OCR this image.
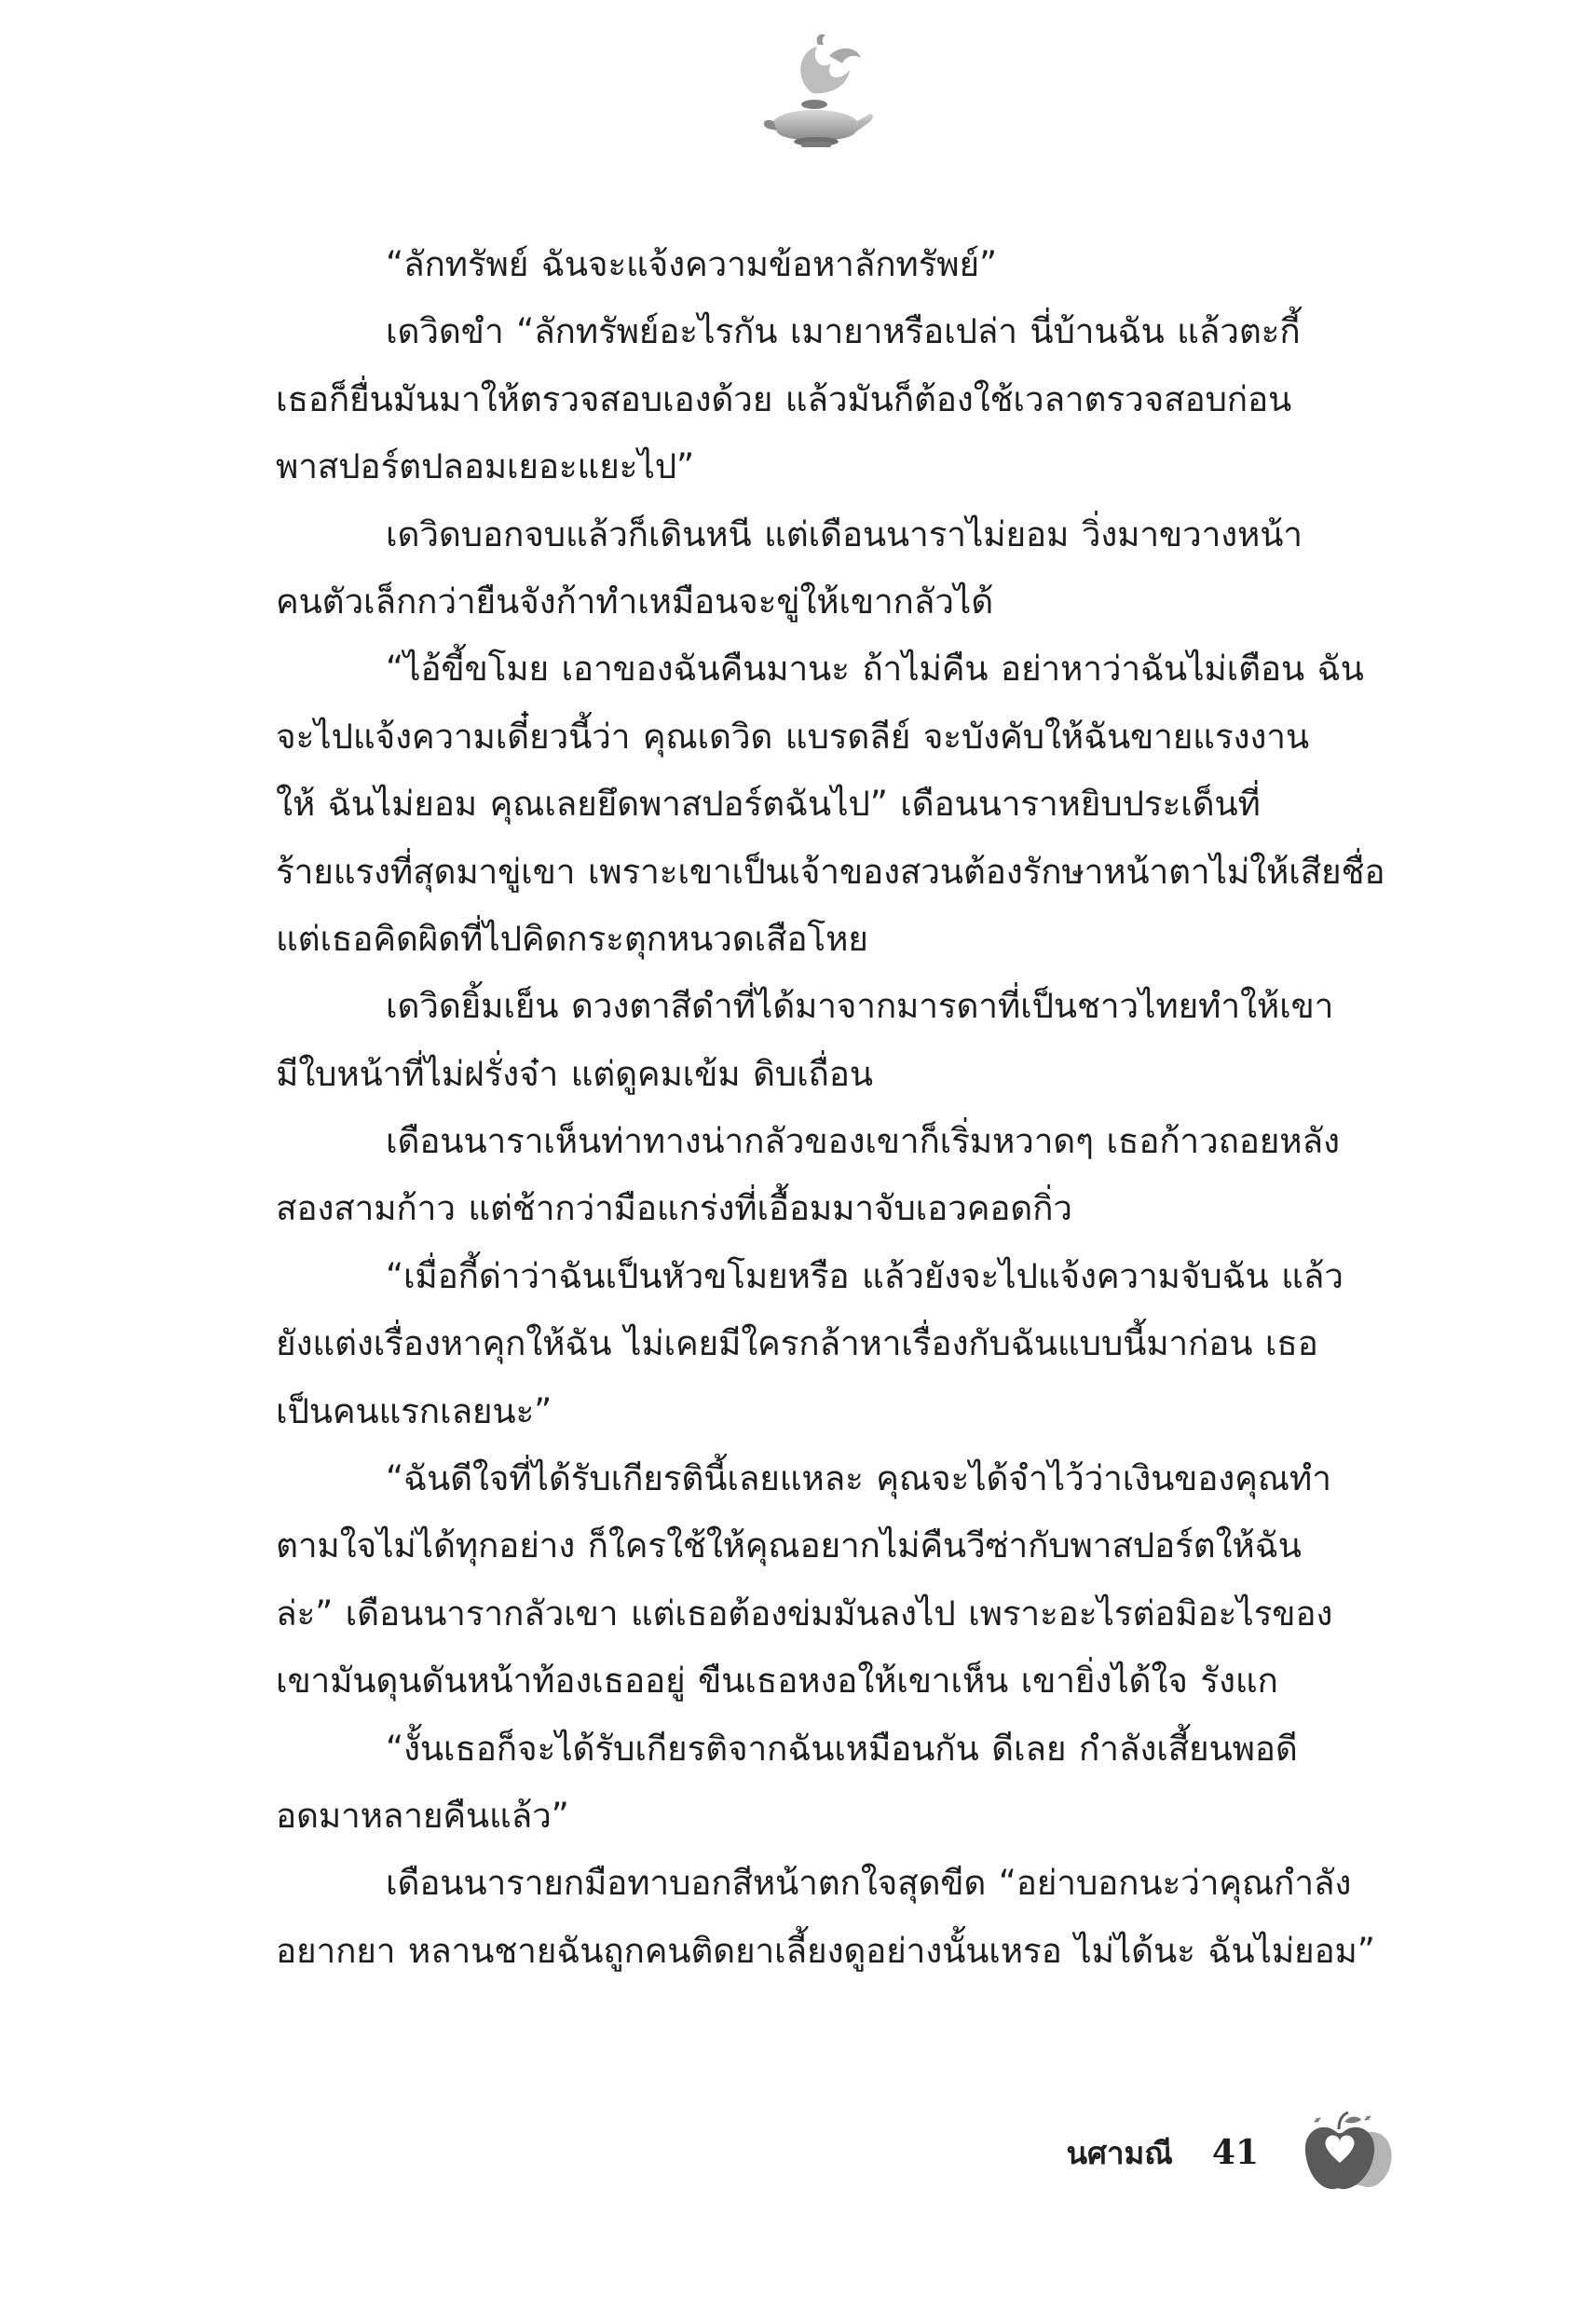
“ลักทรัพย์ ฉันจะแจ้งความข้อหาลักทรัพย์”
เดวิดขำ “ลักทรัพย์อะไรกัน เมายาหรือเปล่า นี่บ้านฉัน แล้วตะกี้
เธอก็ยื่นมันมาให้ตรวจสอบเองด้วย แล้วมันก็ต้องใช้เวลาตรวจสอบก่อน
พาสปอร์ตปลอมเยอะแยะไป”
เดวิดบอกจบแล้วก็เดินหนี แต่เดือนนาราไม่ยอม วิ่งมาขวางหน้า
คนตัวเล็กกว่ายืนจังก้าทำเหมือนจะขู่ให้เขากลัวได้
“ไอ้ขี้ขโมย เอาของฉันคืนมานะ ถ้าไม่คืน อย่าหาว่าฉันไม่เตือน ฉัน
จะไปแจ้งความเดี๋ยวนี้ว่า คุณเดวิด แบรดลีย์ จะบังคับให้ฉันขายแรงงาน
ให้ ฉันไม่ยอม คุณเลยยึดพาสปอร์ตฉันไป” เดือนนาราหยิบประเด็นที่
ร้ายแรงที่สุดมาขู่เขา เพราะเขาเป็นเจ้าของสวนต้องรักษาหน้าตาไม่ให้เสียชื่อ
แต่เธอคิดผิดที่ไปคิดกระตุกหนวดเสือโหย
เดวิดยิ้มเย็น ดวงตาสีดำที่ได้มาจากมารดาที่เป็นชาวไทยทำให้เขา
มีใบหน้าที่ไม่ฝรั่งจ๋า แต่ดูคมเข้ม ดิบเถื่อน
เดือนนาราเห็นท่าทางน่ากลัวของเขาก็เริ่มหวาดๆ เธอก้าวถอยหลัง
สองสามก้าว แต่ช้ากว่ามือแกร่งที่เอื้อมมาจับเอวคอดกิ่ว
“เมื่อกี้ด่าว่าฉันเป็นหัวขโมยหรือ แล้วยังจะไปแจ้งความจับฉัน แล้ว
ยังแต่งเรื่องหาคุกให้ฉัน ไม่เคยมีใครกล้าหาเรื่องกับฉันแบบนี้มาก่อน เธอ
เป็นคนแรกเลยนะ”
“ฉันดีใจที่ได้รับเกียรตินี้เลยแหละ คุณจะได้จำไว้ว่าเงินของคุณทำ
ตามใจไม่ได้ทุกอย่าง ก็ใครใช้ให้คุณอยากไม่คืนวีซ่ากับพาสปอร์ตให้ฉัน
ล่ะ” เดือนนารากลัวเขา แต่เธอต้องข่มมันลงไป เพราะอะไรต่อมิอะไรของ
เขามันดุนดันหน้าท้องเธออยู่ ขืนเธอหงอให้เขาเห็น เขายิ่งได้ใจ รังแก
“งั้นเธอก็จะได้รับเกียรติจากฉันเหมือนกัน ดีเลย กำลังเสี้ยนพอดี
อดมาหลายคืนแล้ว”
เดือนนารายกมือทาบอกสีหน้าตกใจสุดขีด “อย่าบอกนะว่าคุณกำลัง
อยากยา หลานชายฉันถูกคนติดยาเลี้ยงดูอย่างนั้นเหรอ ไม่ได้นะ ฉันไม่ยอม”
นศามณี 41
